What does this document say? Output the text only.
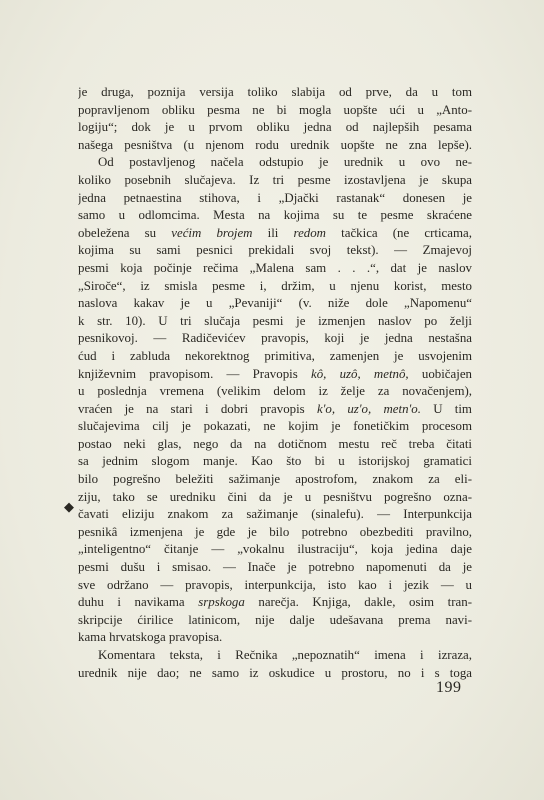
je druga, poznija versija toliko slabija od prve, da u tom
popravljenom obliku pesma ne bi mogla uopšte ući u „Anto-
logiju“; dok je u prvom obliku jedna od najlepših pesama
našega pesništva (u njenom rodu urednik uopšte ne zna lepše).
Od postavljenog načela odstupio je urednik u ovo ne-
koliko posebnih slučajeva. Iz tri pesme izostavljena je skupa
jedna petnaestina stihova, i „Djački rastanak“ donesen je
samo u odlomcima. Mesta na kojima su te pesme skraćene
obeležena su većim brojem ili redom tačkica (ne crticama,
kojima su sami pesnici prekidali svoj tekst). — Zmajevoj
pesmi koja počinje rečima „Malena sam . . .“, dat je naslov
„Siroče“, iz smisla pesme i, držim, u njenu korist, mesto
naslova kakav je u „Pevaniji“ (v. niže dole „Napomenu“
k str. 10). U tri slučaja pesmi je izmenjen naslov po želji
pesnikovoj. — Radičevićev pravopis, koji je jedna nestašna
ćud i zabluda nekorektnog primitiva, zamenjen je usvojenim
književnim pravopisom. — Pravopis kô, uzô, metnô, uobičajen
u poslednja vremena (velikim delom iz želje za novačenjem),
vraćen je na stari i dobri pravopis k'o, uz'o, metn'o. U tim
slučajevima cilj je pokazati, ne kojim je fonetičkim procesom
postao neki glas, nego da na dotičnom mestu reč treba čitati
sa jednim slogom manje. Kao što bi u istorijskoj gramatici
bilo pogrešno beležiti sažimanje apostrofom, znakom za eli-
ziju, tako se uredniku čini da je u pesništvu pogrešno ozna-
čavati eliziju znakom za sažimanje (sinalefu). — Interpunkcija
pesnikâ izmenjena je gde je bilo potrebno obezbediti pravilno,
„inteligentno“ čitanje — „vokalnu ilustraciju“, koja jedina daje
pesmi dušu i smisao. — Inače je potrebno napomenuti da je
sve održano — pravopis, interpunkcija, isto kao i jezik — u
duhu i navikama srpskoga narečja. Knjiga, dakle, osim tran-
skripcije ćirilice latinicom, nije dalje udešavana prema navi-
kama hrvatskoga pravopisa.
Komentara teksta, i Rečnika „nepoznatih“ imena i izraza,
urednik nije dao; ne samo iz oskudice u prostoru, no i s toga
◆
199
